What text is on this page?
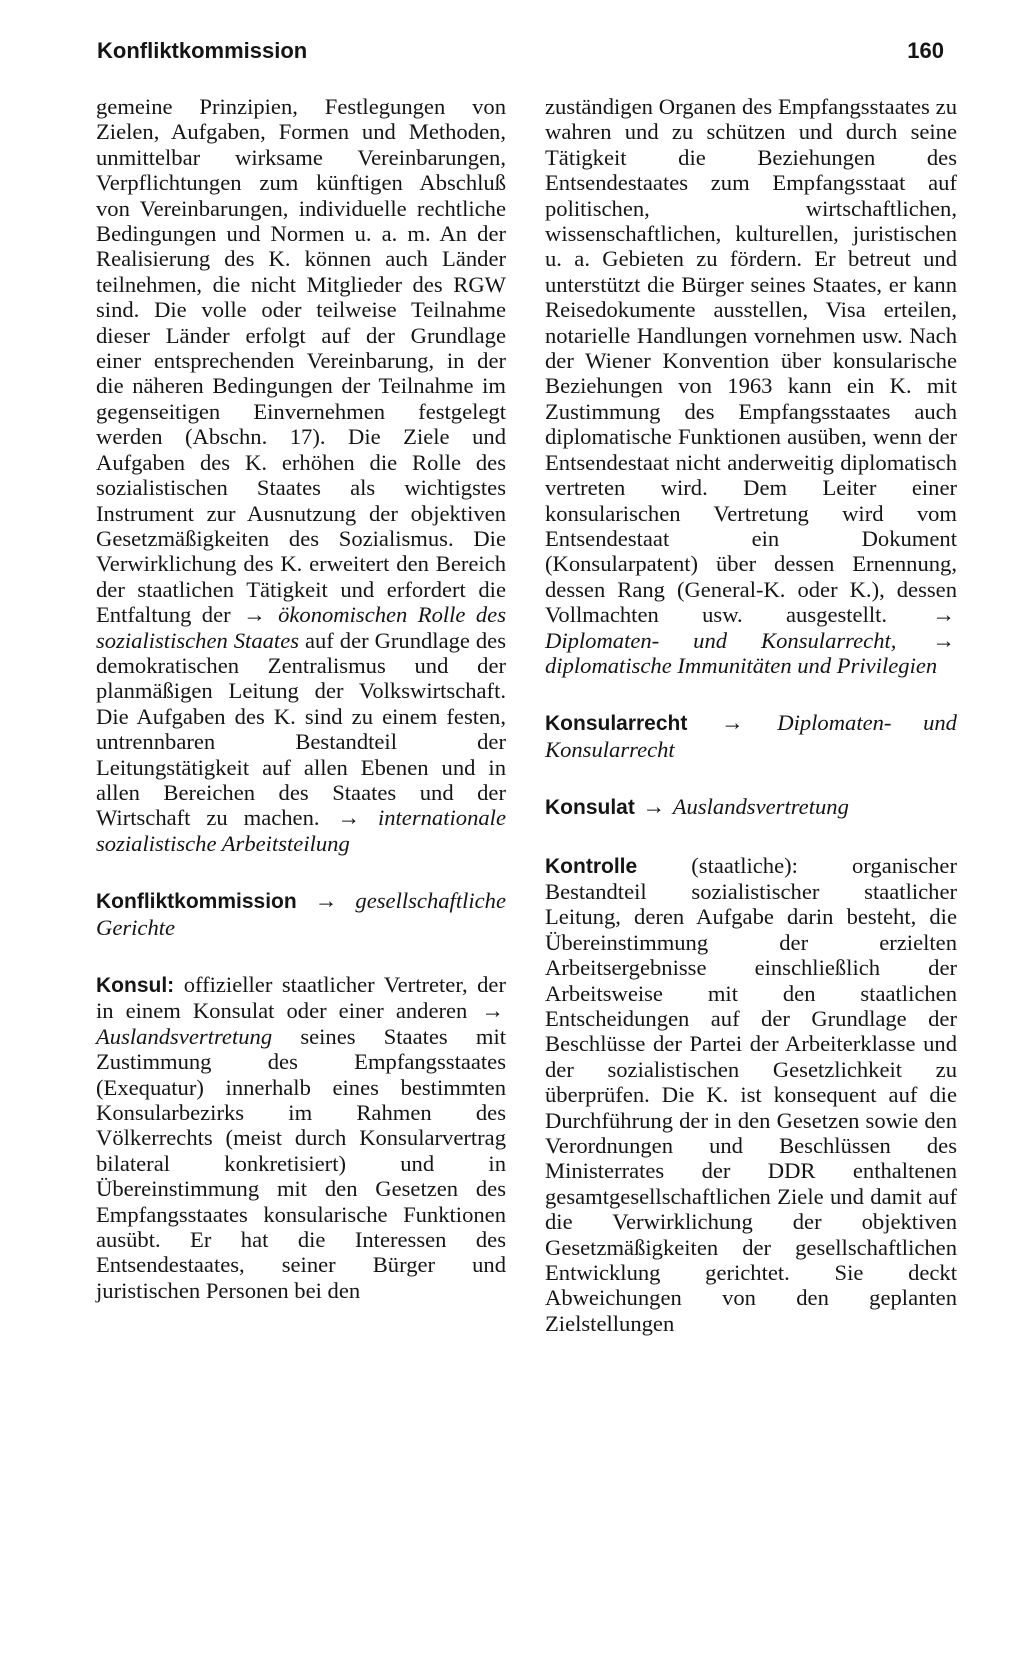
Konfliktkommission	160

gemeine Prinzipien, Festlegungen von Zielen, Aufgaben, Formen und Methoden, unmittelbar wirksame Vereinbarungen, Verpflichtungen zum künftigen Abschluß von Vereinbarungen, individuelle rechtliche Bedingungen und Normen u. a. m. An der Realisierung des K. können auch Länder teilnehmen, die nicht Mitglieder des RGW sind. Die volle oder teilweise Teilnahme dieser Länder erfolgt auf der Grundlage einer entsprechenden Vereinbarung, in der die näheren Bedingungen der Teilnahme im gegenseitigen Einvernehmen festgelegt werden (Abschn. 17). Die Ziele und Aufgaben des K. erhöhen die Rolle des sozialistischen Staates als wichtigstes Instrument zur Ausnutzung der objektiven Gesetzmäßigkeiten des Sozialismus. Die Verwirklichung des K. erweitert den Bereich der staatlichen Tätigkeit und erfordert die Entfaltung der → ökonomischen Rolle des sozialistischen Staates auf der Grundlage des demokratischen Zentralismus und der planmäßigen Leitung der Volkswirtschaft. Die Aufgaben des K. sind zu einem festen, untrennbaren Bestandteil der Leitungstätigkeit auf allen Ebenen und in allen Bereichen des Staates und der Wirtschaft zu machen. → internationale sozialistische Arbeitsteilung

Konfliktkommission → gesellschaftliche Gerichte

Konsul: offizieller staatlicher Vertreter, der in einem Konsulat oder einer anderen → Auslandsvertretung seines Staates mit Zustimmung des Empfangsstaates (Exequatur) innerhalb eines bestimmten Konsularbezirks im Rahmen des Völkerrechts (meist durch Konsularvertrag bilateral konkretisiert) und in Übereinstimmung mit den Gesetzen des Empfangsstaates konsularische Funktionen ausübt. Er hat die Interessen des Entsendestaates, seiner Bürger und juristischen Personen bei den

zuständigen Organen des Empfangsstaates zu wahren und zu schützen und durch seine Tätigkeit die Beziehungen des Entsendestaates zum Empfangsstaat auf politischen, wirtschaftlichen, wissenschaftlichen, kulturellen, juristischen u. a. Gebieten zu fördern. Er betreut und unterstützt die Bürger seines Staates, er kann Reisedokumente ausstellen, Visa erteilen, notarielle Handlungen vornehmen usw. Nach der Wiener Konvention über konsularische Beziehungen von 1963 kann ein K. mit Zustimmung des Empfangsstaates auch diplomatische Funktionen ausüben, wenn der Entsendestaat nicht anderweitig diplomatisch vertreten wird. Dem Leiter einer konsularischen Vertretung wird vom Entsendestaat ein Dokument (Konsularpatent) über dessen Ernennung, dessen Rang (General-K. oder K.), dessen Vollmachten usw. ausgestellt. → Diplomaten- und Konsularrecht, → diplomatische Immunitäten und Privilegien

Konsularrecht → Diplomaten- und Konsularrecht

Konsulat → Auslandsvertretung

Kontrolle (staatliche): organischer Bestandteil sozialistischer staatlicher Leitung, deren Aufgabe darin besteht, die Übereinstimmung der erzielten Arbeitsergebnisse einschließlich der Arbeitsweise mit den staatlichen Entscheidungen auf der Grundlage der Beschlüsse der Partei der Arbeiterklasse und der sozialistischen Gesetzlichkeit zu überprüfen. Die K. ist konsequent auf die Durchführung der in den Gesetzen sowie den Verordnungen und Beschlüssen des Ministerrates der DDR enthaltenen gesamtgesellschaftlichen Ziele und damit auf die Verwirklichung der objektiven Gesetzmäßigkeiten der gesellschaftlichen Entwicklung gerichtet. Sie deckt Abweichungen von den geplanten Zielstellungen
